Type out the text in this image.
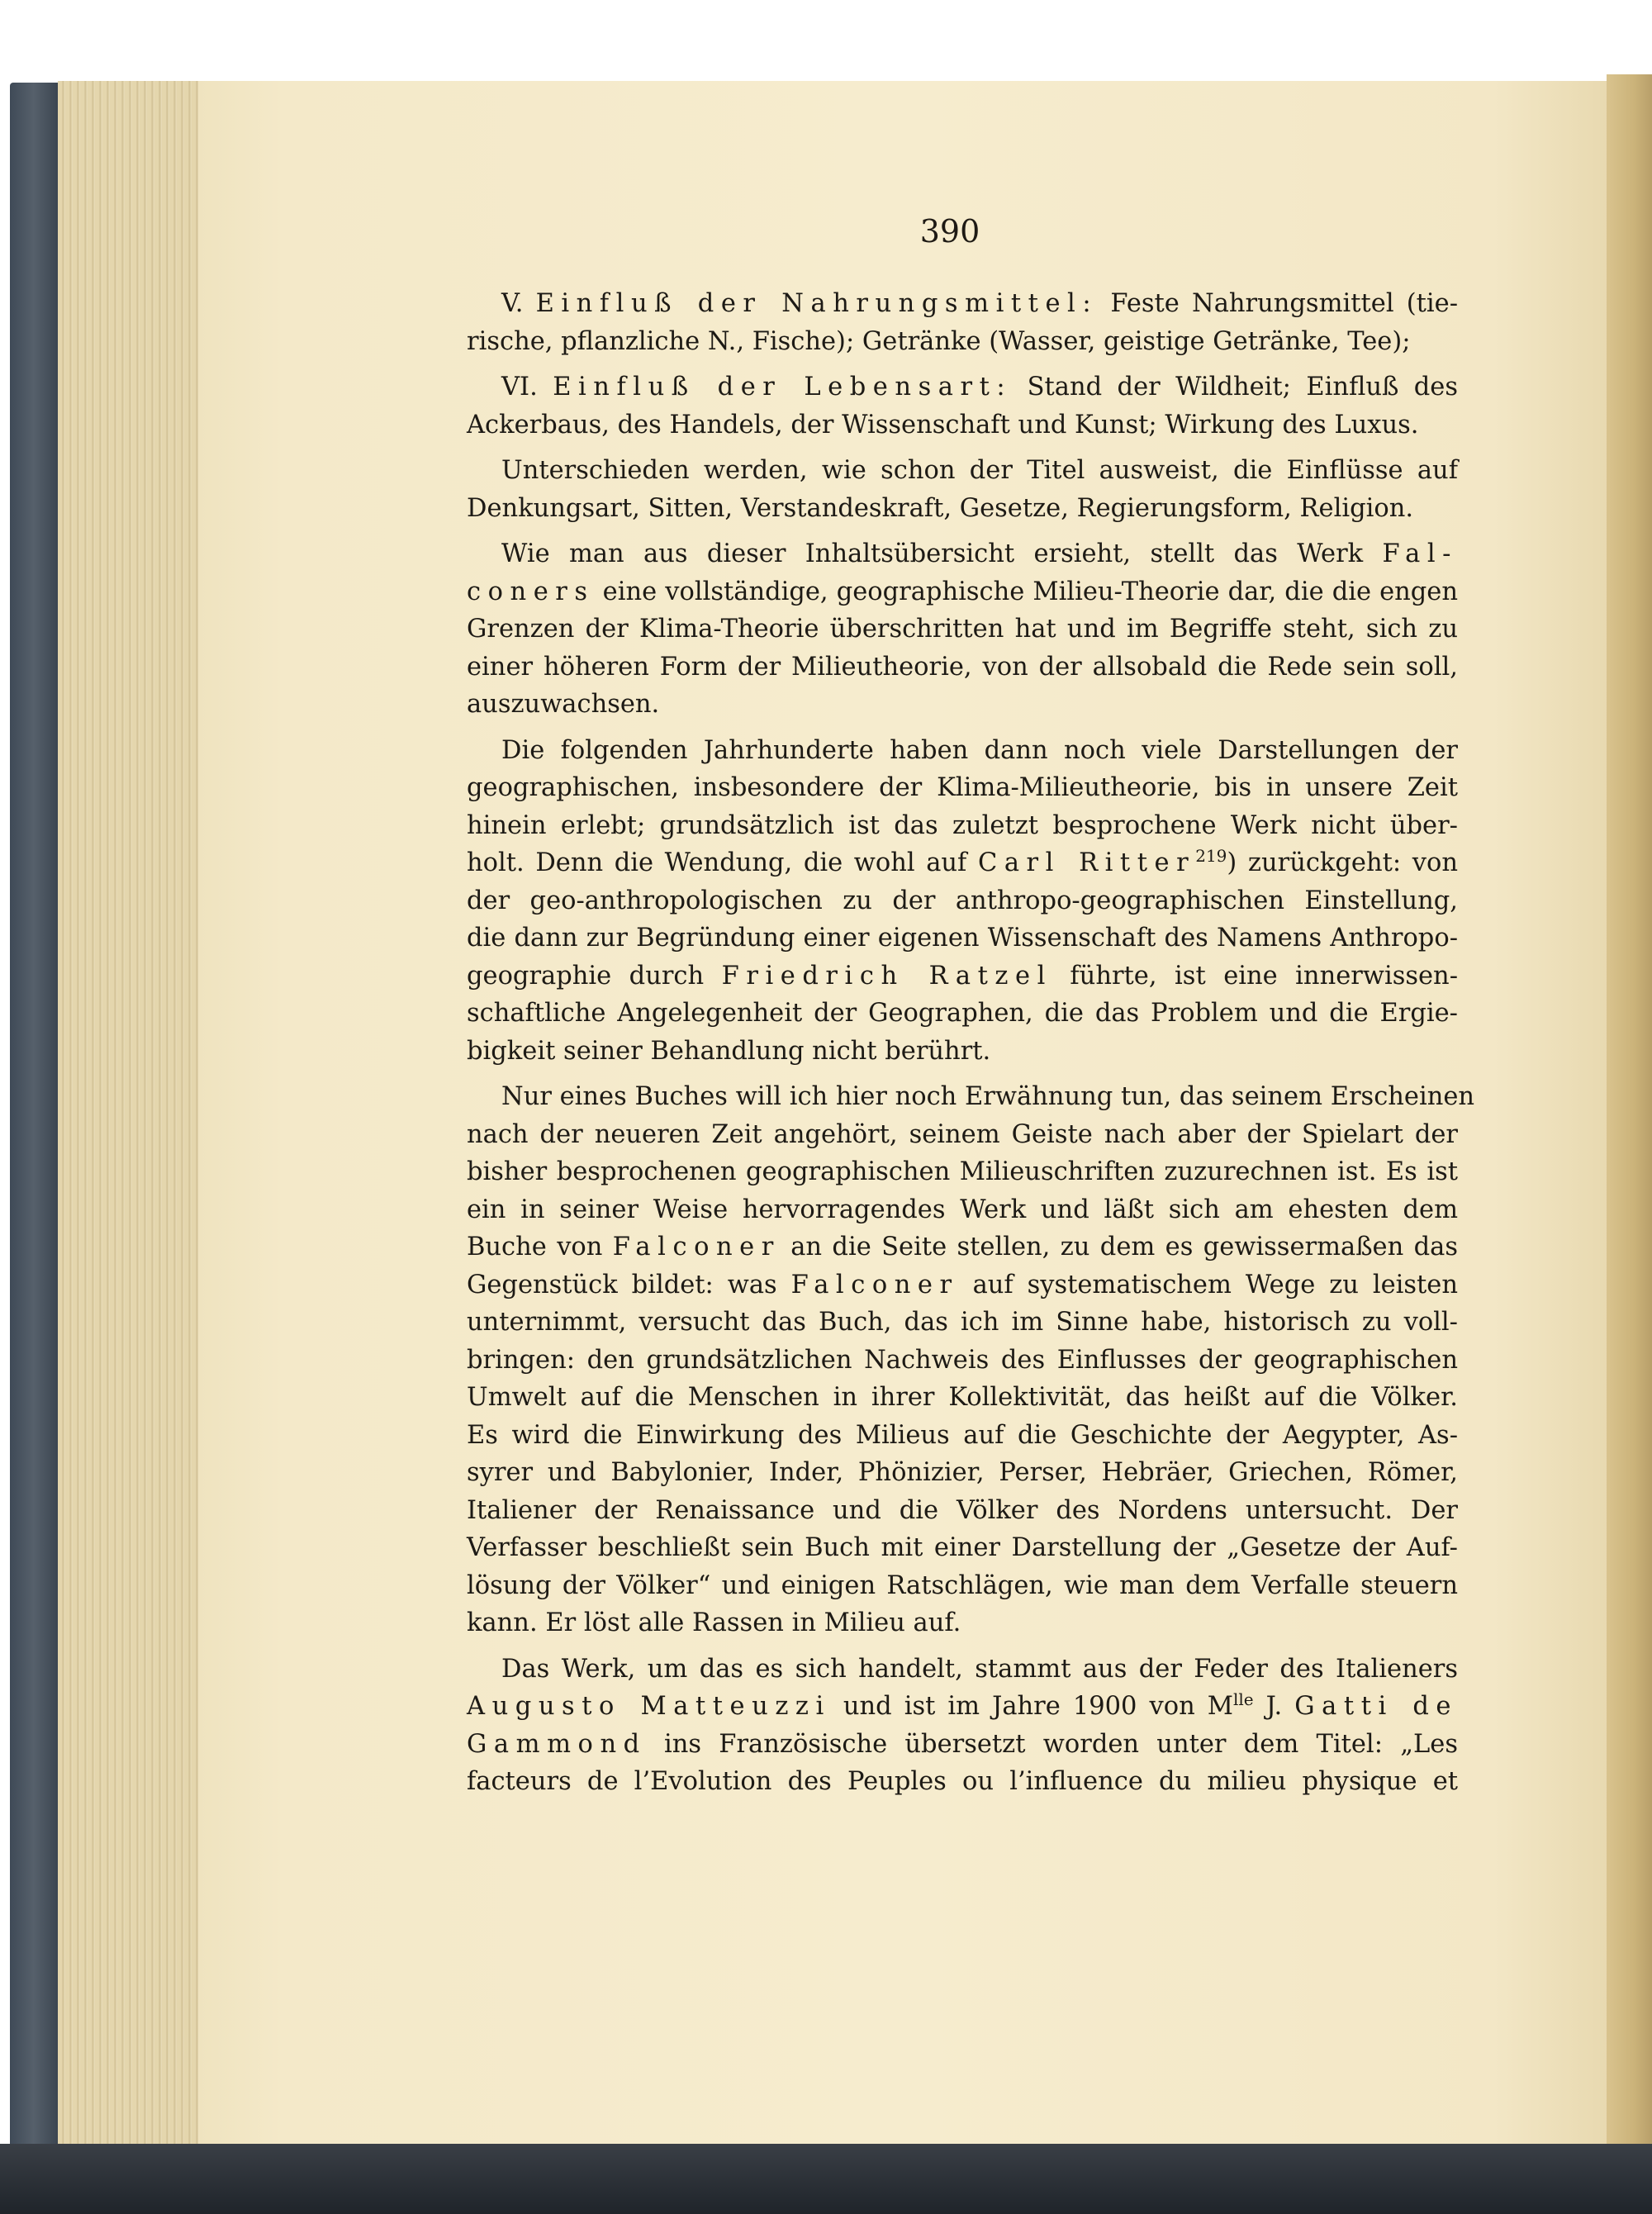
390
V. Einfluß der Nahrungsmittel: Feste Nahrungsmittel (tie-
rische, pflanzliche N., Fische); Getränke (Wasser, geistige Getränke, Tee);
VI. Einfluß der Lebensart: Stand der Wildheit; Einfluß des
Ackerbaus, des Handels, der Wissenschaft und Kunst; Wirkung des Luxus.
Unterschieden werden, wie schon der Titel ausweist, die Einflüsse auf
Denkungsart, Sitten, Verstandeskraft, Gesetze, Regierungsform, Religion.
Wie man aus dieser Inhaltsübersicht ersieht, stellt das Werk Fal-
coners eine vollständige, geographische Milieu-Theorie dar, die die engen
Grenzen der Klima-Theorie überschritten hat und im Begriffe steht, sich zu
einer höheren Form der Milieutheorie, von der allsobald die Rede sein soll,
auszuwachsen.
Die folgenden Jahrhunderte haben dann noch viele Darstellungen der
geographischen, insbesondere der Klima-Milieutheorie, bis in unsere Zeit
hinein erlebt; grundsätzlich ist das zuletzt besprochene Werk nicht über-
holt. Denn die Wendung, die wohl auf Carl Ritter$^{219}$) zurückgeht: von
der geo-anthropologischen zu der anthropo-geographischen Einstellung,
die dann zur Begründung einer eigenen Wissenschaft des Namens Anthropo-
geographie durch Friedrich Ratzel führte, ist eine innerwissen-
schaftliche Angelegenheit der Geographen, die das Problem und die Ergie-
bigkeit seiner Behandlung nicht berührt.
Nur eines Buches will ich hier noch Erwähnung tun, das seinem Erscheinen
nach der neueren Zeit angehört, seinem Geiste nach aber der Spielart der
bisher besprochenen geographischen Milieuschriften zuzurechnen ist. Es ist
ein in seiner Weise hervorragendes Werk und läßt sich am ehesten dem
Buche von Falconer an die Seite stellen, zu dem es gewissermaßen das
Gegenstück bildet: was Falconer auf systematischem Wege zu leisten
unternimmt, versucht das Buch, das ich im Sinne habe, historisch zu voll-
bringen: den grundsätzlichen Nachweis des Einflusses der geographischen
Umwelt auf die Menschen in ihrer Kollektivität, das heißt auf die Völker.
Es wird die Einwirkung des Milieus auf die Geschichte der Aegypter, As-
syrer und Babylonier, Inder, Phönizier, Perser, Hebräer, Griechen, Römer,
Italiener der Renaissance und die Völker des Nordens untersucht. Der
Verfasser beschließt sein Buch mit einer Darstellung der „Gesetze der Auf-
lösung der Völker“ und einigen Ratschlägen, wie man dem Verfalle steuern
kann. Er löst alle Rassen in Milieu auf.
Das Werk, um das es sich handelt, stammt aus der Feder des Italieners
Augusto Matteuzzi und ist im Jahre 1900 von $M^{lle}$ J. Gatti de
Gammond ins Französische übersetzt worden unter dem Titel: „Les
facteurs de l’Evolution des Peuples ou l’influence du milieu physique et
